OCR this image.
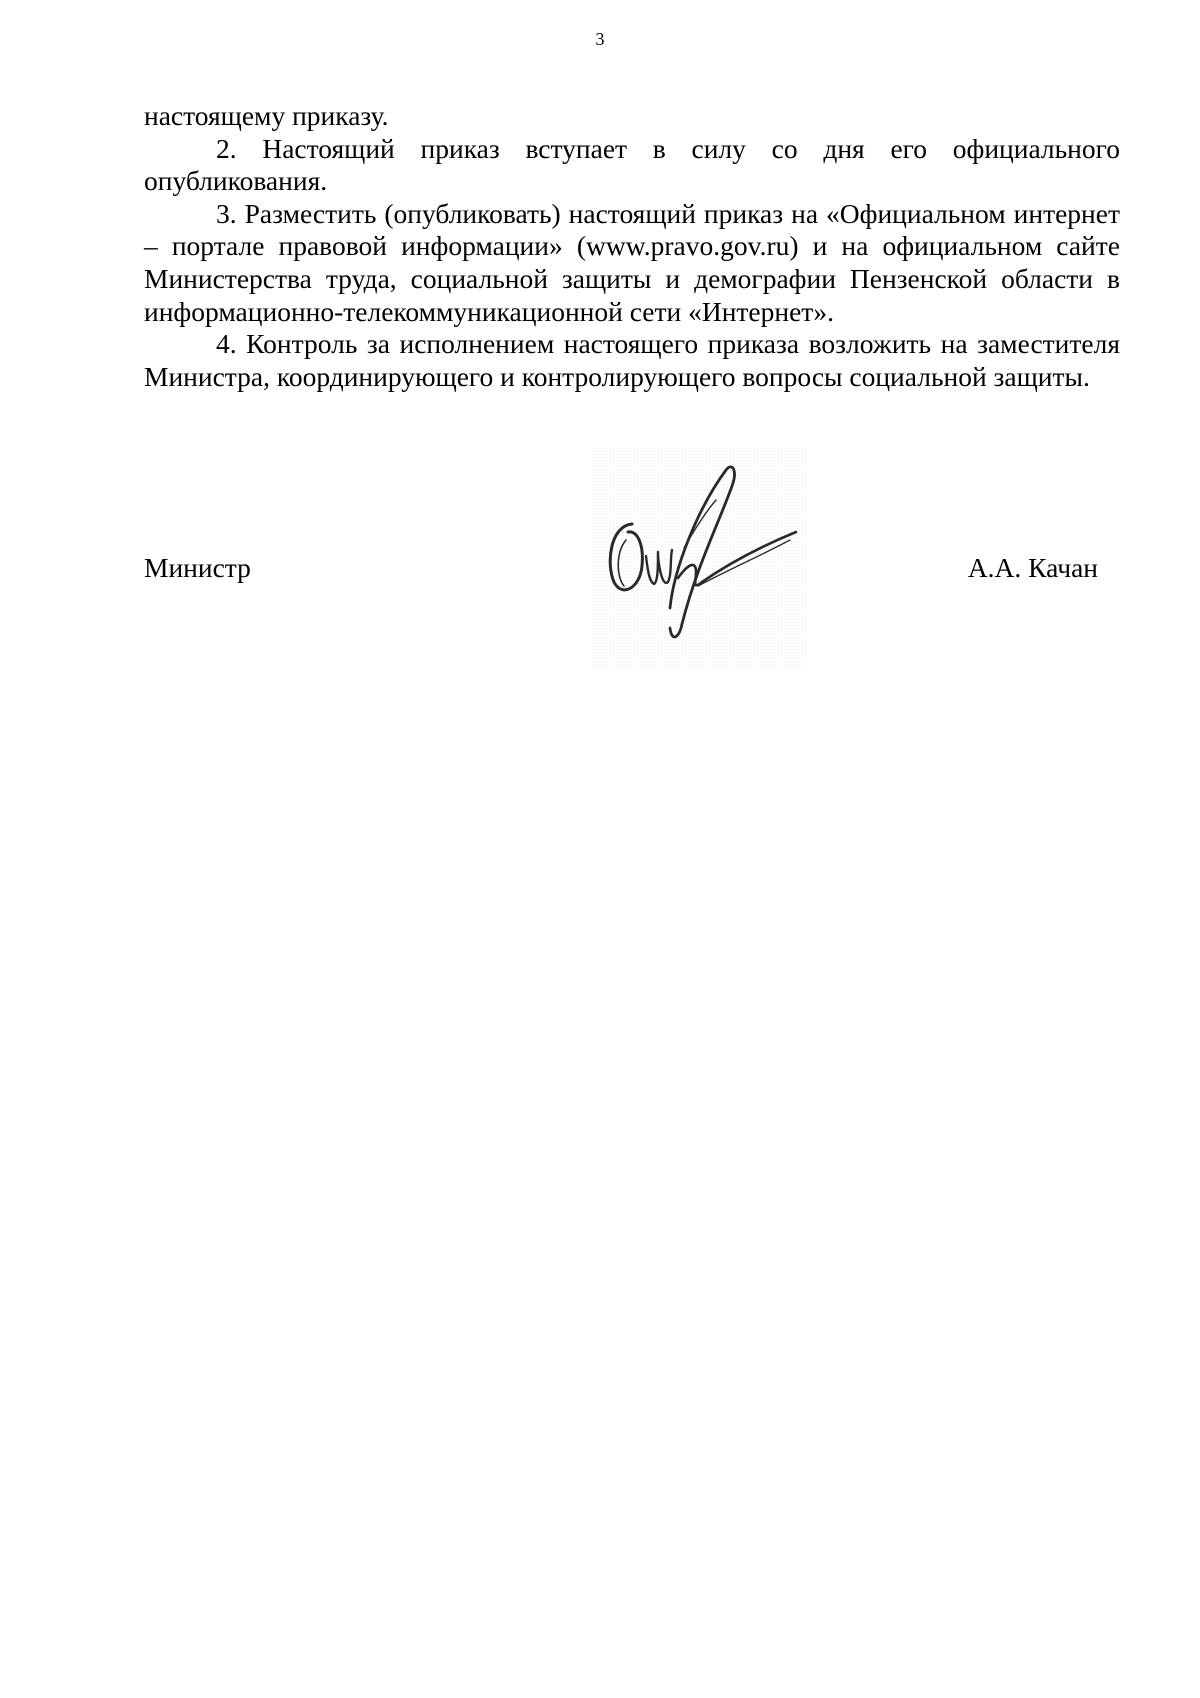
3

настоящему приказу.

2. Настоящий приказ вступает в силу со дня его официального опубликования.

3. Разместить (опубликовать) настоящий приказ на «Официальном интернет – портале правовой информации» (www.pravo.gov.ru) и на официальном сайте Министерства труда, социальной защиты и демографии Пензенской области в информационно-телекоммуникационной сети «Интернет».

4. Контроль за исполнением настоящего приказа возложить на заместителя Министра, координирующего и контролирующего вопросы социальной защиты.

Министр	А.А. Качан
